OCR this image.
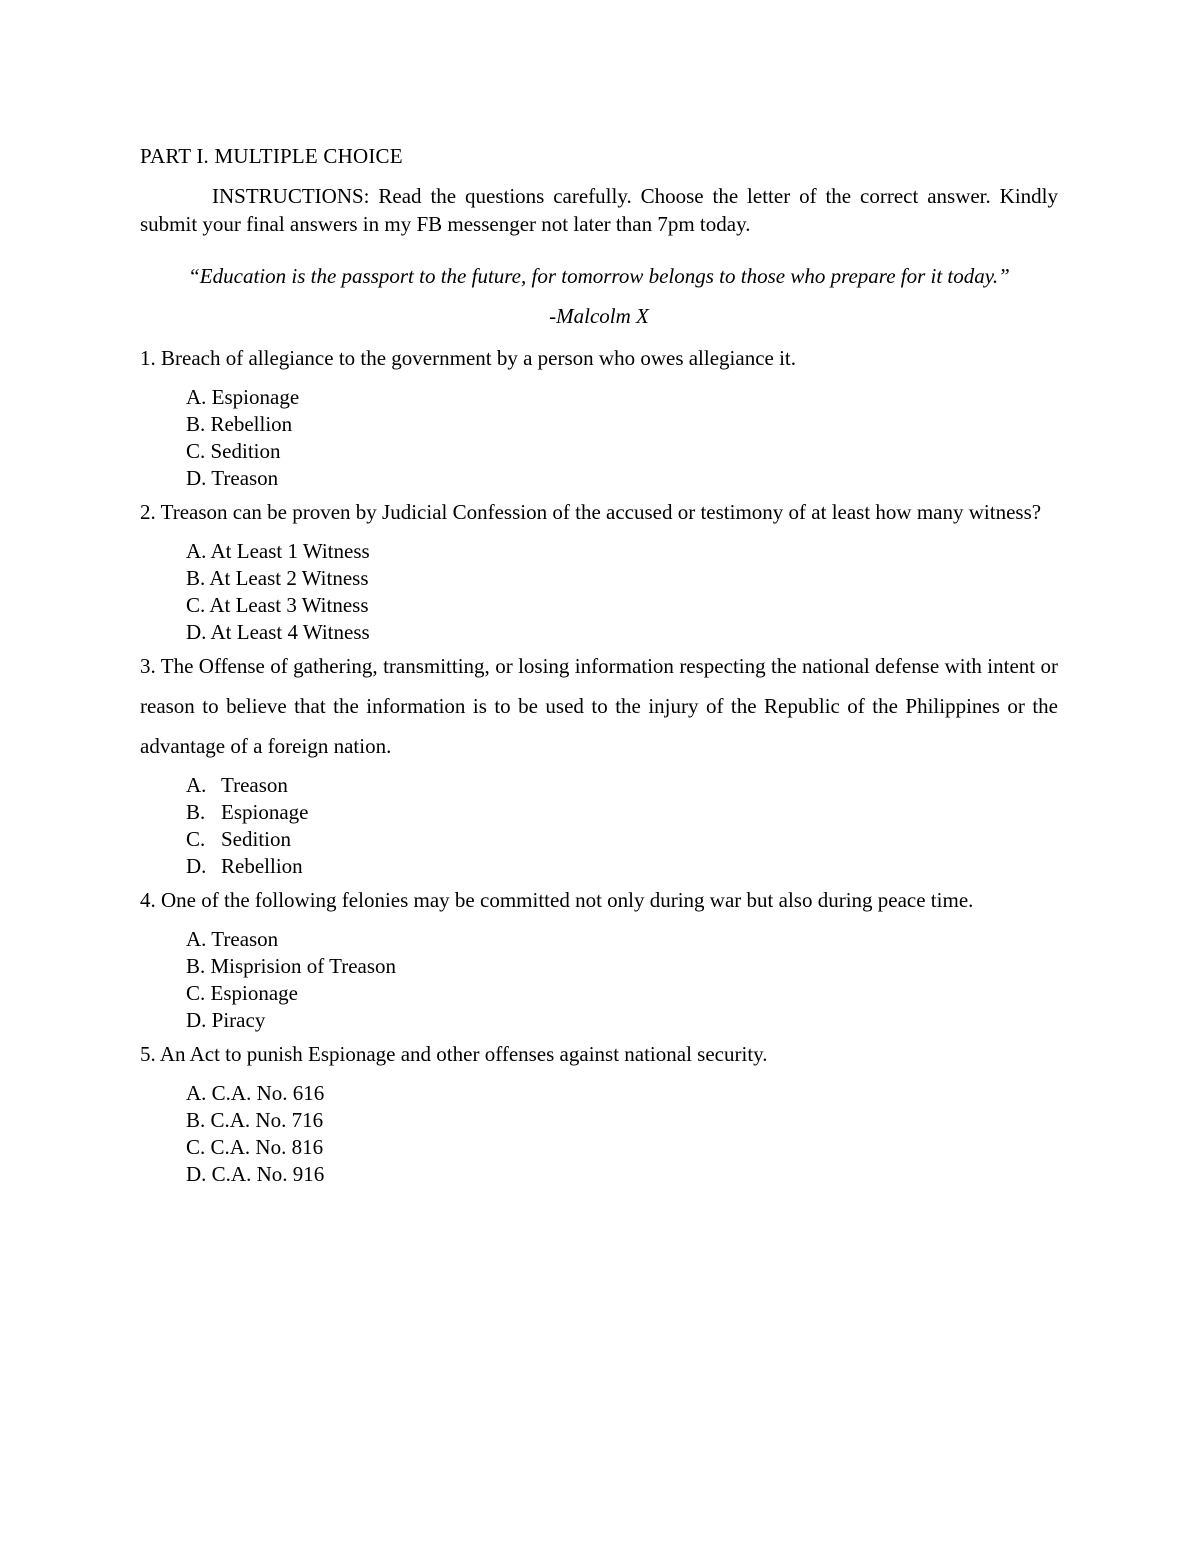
PART I. MULTIPLE CHOICE

INSTRUCTIONS: Read the questions carefully. Choose the letter of the correct answer. Kindly submit your final answers in my FB messenger not later than 7pm today.

“Education is the passport to the future, for tomorrow belongs to those who prepare for it today.”

-Malcolm X

1. Breach of allegiance to the government by a person who owes allegiance it.

A. Espionage
B. Rebellion
C. Sedition
D. Treason

2. Treason can be proven by Judicial Confession of the accused or testimony of at least how many witness?

A. At Least 1 Witness
B. At Least 2 Witness
C. At Least 3 Witness
D. At Least 4 Witness

3. The Offense of gathering, transmitting, or losing information respecting the national defense with intent or reason to believe that the information is to be used to the injury of the Republic of the Philippines or the advantage of a foreign nation.

A. Treason
B. Espionage
C. Sedition
D. Rebellion

4. One of the following felonies may be committed not only during war but also during peace time.

A. Treason
B. Misprision of Treason
C. Espionage
D. Piracy

5. An Act to punish Espionage and other offenses against national security.

A. C.A. No. 616
B. C.A. No. 716
C. C.A. No. 816
D. C.A. No. 916
